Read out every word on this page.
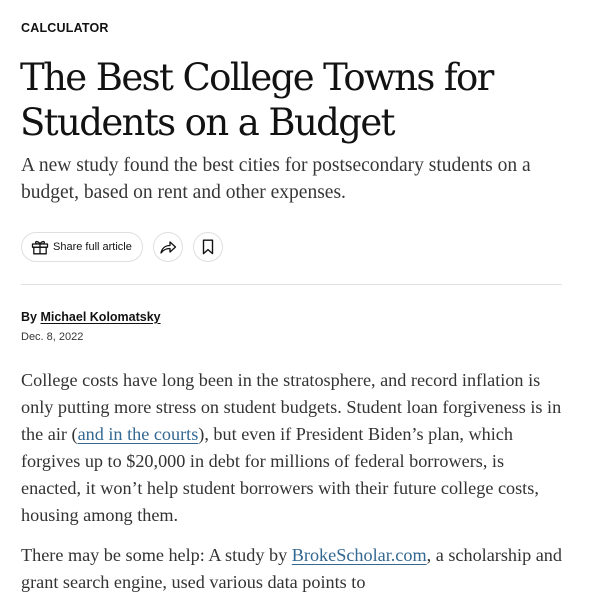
CALCULATOR
The Best College Towns for Students on a Budget

A new study found the best cities for postsecondary students on a budget, based on rent and other expenses.

Share full article
By Michael Kolomatsky
Dec. 8, 2022

College costs have long been in the stratosphere, and record inflation is only putting more stress on student budgets. Student loan forgiveness is in the air (and in the courts), but even if President Biden’s plan, which forgives up to $20,000 in debt for millions of federal borrowers, is enacted, it won’t help student borrowers with their future college costs, housing among them.

There may be some help: A study by BrokeScholar.com, a scholarship and grant search engine, used various data points to
